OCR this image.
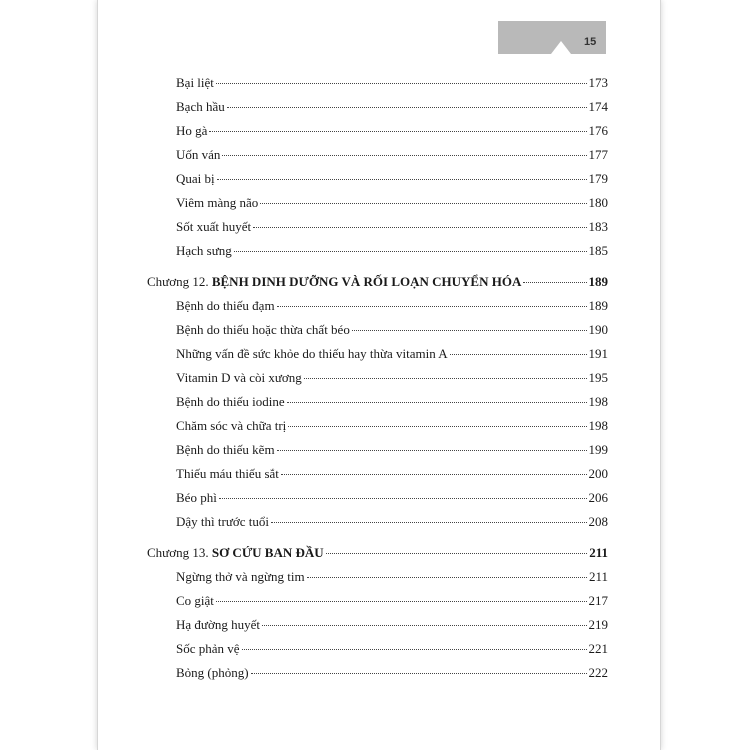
15
Bại liệt	173
Bạch hầu	174
Ho gà	176
Uốn ván	177
Quai bị	179
Viêm màng não	180
Sốt xuất huyết	183
Hạch sưng	185
Chương 12. BỆNH DINH DƯỠNG VÀ RỐI LOẠN CHUYỂN HÓA	189
Bệnh do thiếu đạm	189
Bệnh do thiếu hoặc thừa chất béo	190
Những vấn đề sức khỏe do thiếu hay thừa vitamin A	191
Vitamin D và còi xương	195
Bệnh do thiếu iodine	198
Chăm sóc và chữa trị	198
Bệnh do thiếu kẽm	199
Thiếu máu thiếu sắt	200
Béo phì	206
Dậy thì trước tuổi	208
Chương 13. SƠ CỨU BAN ĐẦU	211
Ngừng thở và ngừng tim	211
Co giật	217
Hạ đường huyết	219
Sốc phản vệ	221
Bỏng (phỏng)	222
